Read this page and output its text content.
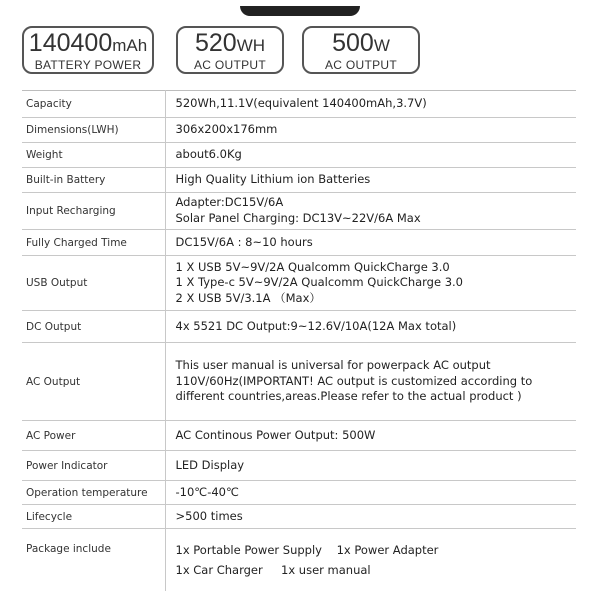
140400mAh
BATTERY POWER
520WH
AC OUTPUT
500W
AC OUTPUT
Capacity	520Wh,11.1V(equivalent 140400mAh,3.7V)

Dimensions(LWH)	306x200x176mm

Weight	about6.0Kg

Built-in Battery	High Quality Lithium ion Batteries

Input Recharging	Adapter:DC15V/6A
Solar Panel Charging: DC13V~22V/6A Max

Fully Charged Time	DC15V/6A : 8~10 hours

USB Output	1 X USB 5V~9V/2A Qualcomm QuickCharge 3.0
1 X Type-c 5V~9V/2A Qualcomm QuickCharge 3.0
2 X USB 5V/3.1A （Max）

DC Output	4x 5521 DC Output:9~12.6V/10A(12A Max total)

AC Output	This user manual is universal for powerpack AC output 110V/60Hz(IMPORTANT! AC output is customized according to different countries,areas.Please refer to the actual product )

AC Power	AC Continous Power Output: 500W

Power Indicator	LED Display

Operation temperature	-10℃-40℃

Lifecycle	>500 times

Package include	1x Portable Power Supply    1x Power Adapter
1x Car Charger     1x user manual
